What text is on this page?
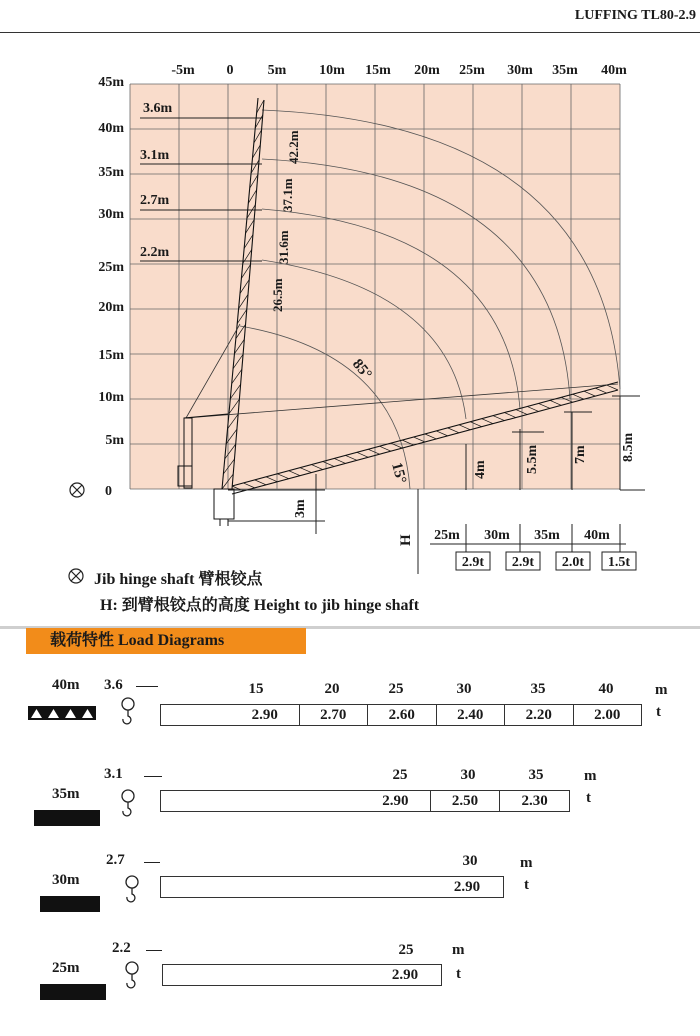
LUFFING TL80-2.9
-5m 0 5m 10m 15m 20m 25m 30m 35m 40m
45m
40m
35m
30m
25m
20m
15m
10m
5m
0
3.6m
3.1m
2.7m
2.2m
42.2m
37.1m
31.6m
26.5m
85°
15°	4m	5.5m 7m 8.5m
3m
H 25m 30m 35m 40m
2.9t 2.9t 2.0t 1.5t
Jib hinge shaft 臂根铰点
H: 到臂根铰点的高度 Height to jib hinge shaft
载荷特性 Load Diagrams
40m 3.6	15	20	25	30	35	40	m
2.90	2.70	2.60	2.40	2.20	2.00	t
35m
3.1	25	30	35	m
2.90	2.50	2.30	t
30m
2.7	30	m
2.90	t
25m
2.2	25	m
2.90	t
